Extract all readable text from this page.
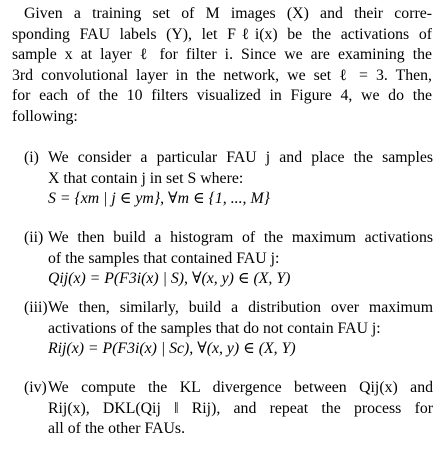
Given a training set of M images (X) and their corre-
sponding FAU labels (Y), let Fℓi(x) be the activations of
sample x at layer ℓ for filter i. Since we are examining the
3rd convolutional layer in the network, we set ℓ = 3. Then,
for each of the 10 filters visualized in Figure 4, we do the
following:
(i) We consider a particular FAU j and place the samples
X that contain j in set S where:
S = {xm | j ∈ ym}, ∀m ∈ {1, ..., M}
(ii) We then build a histogram of the maximum activations
of the samples that contained FAU j:
Qij(x) = P(F3i(x) | S), ∀(x, y) ∈ (X, Y)
(iii) We then, similarly, build a distribution over maximum
activations of the samples that do not contain FAU j:
Rij(x) = P(F3i(x) | Sc), ∀(x, y) ∈ (X, Y)
(iv) We compute the KL divergence between Qij(x) and
Rij(x), DKL(Qij ‖ Rij), and repeat the process for
all of the other FAUs.
